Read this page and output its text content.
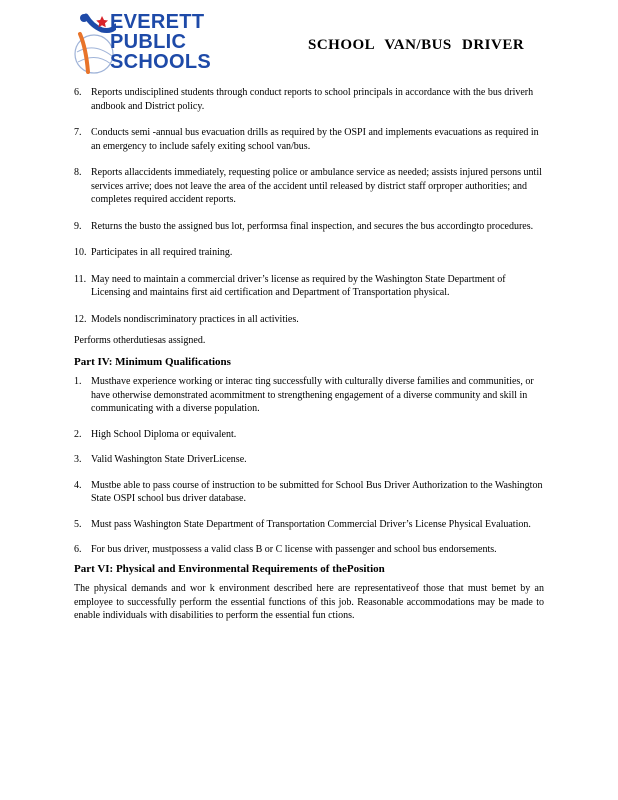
EVERETT
PUBLIC
SCHOOLS
SCHOOL VAN/BUS DRIVER
6. Reports undisciplined students through conduct reports to school principals in accordance with the bus driverh andbook and District policy.
7. Conducts semi -annual bus evacuation drills as required by the OSPI and implements evacuations as required in an emergency to include safely exiting school van/bus.
8. Reports allaccidents immediately, requesting police or ambulance service as needed; assists injured persons until services arrive; does not leave the area of the accident until released by district staff orproper authorities; and completes required accident reports.
9. Returns the busto the assigned bus lot, performsa final inspection, and secures the bus accordingto procedures.
10. Participates in all required training.
11. May need to maintain a commercial driver’s license as required by the Washington State Department of Licensing and maintains first aid certification and Department of Transportation physical.
12. Models nondiscriminatory practices in all activities.

Performs otherdutiesas assigned.

Part IV: Minimum Qualifications
1. Musthave experience working or interac ting successfully with culturally diverse families and communities, or have otherwise demonstrated acommitment to strengthening engagement of a diverse community and skill in communicating with a diverse population.
2. High School Diploma or equivalent.
3. Valid Washington State DriverLicense.
4. Mustbe able to pass course of instruction to be submitted for School Bus Driver Authorization to the Washington State OSPI school bus driver database.
5. Must pass Washington State Department of Transportation Commercial Driver’s License Physical Evaluation.
6. For bus driver, mustpossess a valid class B or C license with passenger and school bus endorsements.
Part VI: Physical and Environmental Requirements of thePosition

The physical demands and wor k environment described here are representativeof those that must bemet by an employee to successfully perform the essential functions of this job. Reasonable accommodations may be made to enable individuals with disabilities to perform the essential fun ctions.
